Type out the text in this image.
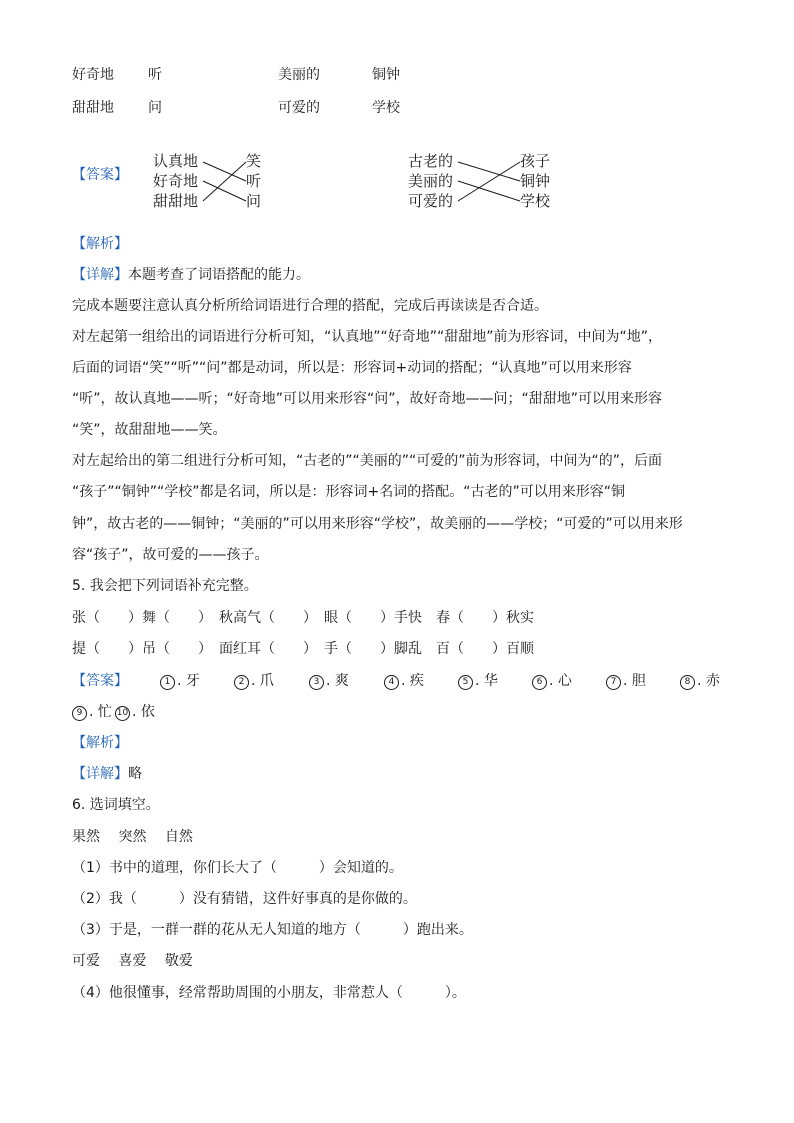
好奇地 听	美丽的	铜钟
甜甜地 问	可爱的	学校
【答案】
认真地
好奇地
甜甜地
笑
听
问
古老的
美丽的
可爱的
孩子
铜钟
学校
【解析】
【详解】本题考查了词语搭配的能力。
完成本题要注意认真分析所给词语进行合理的搭配，完成后再读读是否合适。
对左起第一组给出的词语进行分析可知，“认真地”“好奇地”“甜甜地”前为形容词，中间为“地”，
后面的词语“笑”“听”“问”都是动词，所以是：形容词+动词的搭配；“认真地”可以用来形容
“听”，故认真地——听；“好奇地”可以用来形容“问”，故好奇地——问；“甜甜地”可以用来形容
“笑”，故甜甜地——笑。
对左起给出的第二组进行分析可知，“古老的”“美丽的”“可爱的”前为形容词，中间为“的”，后面
“孩子”“铜钟”“学校”都是名词，所以是：形容词+名词的搭配。“古老的”可以用来形容“铜
钟”，故古老的——铜钟；“美丽的”可以用来形容“学校”，故美丽的——学校；“可爱的”可以用来形
容“孩子”，故可爱的——孩子。
5. 我会把下列词语补充完整。
张（　　）舞（　　）　秋高气（　　）　眼（　　）手快　春（　　）秋实
提（　　）吊（　　）　面红耳（　　）　手（　　）脚乱　百（　　）百顺
【答案】	1 . 牙	2 . 爪	3 . 爽	4 . 疾	5 . 华	6 . 心	7 . 胆	8 . 赤
9 . 忙 10 . 依
【解析】
【详解】略
6. 选词填空。
果然　 突然　 自然
（1）书中的道理，你们长大了（　　　）会知道的。
（2）我（　　　）没有猜错，这件好事真的是你做的。
（3）于是，一群一群的花从无人知道的地方（　　　）跑出来。
可爱　 喜爱　 敬爱
（4）他很懂事，经常帮助周围的小朋友，非常惹人（　　　）。
